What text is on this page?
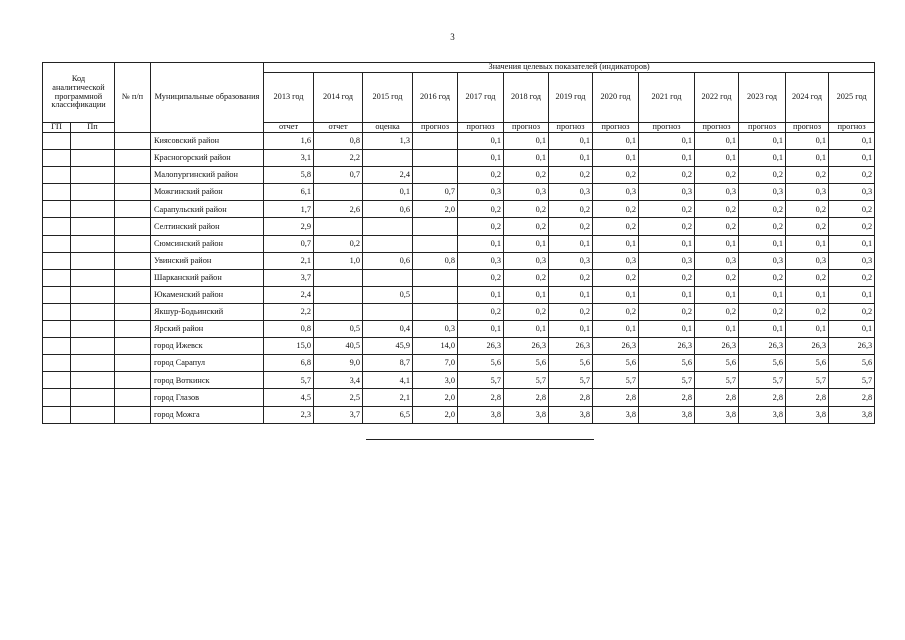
3
Код аналитической программной классификации		№ п/п	Муниципальные образования	Значения целевых показателей (индикаторов)												
				2013 год	2014 год	2015 год	2016 год	2017 год	2018 год	2019 год	2020 год	2021 год	2022 год	2023 год	2024 год	2025 год
ГП	Пп			отчет	отчет	оценка	прогноз	прогноз	прогноз	прогноз	прогноз	прогноз	прогноз	прогноз	прогноз	прогноз
			Киясовский район	1,6	0,8	1,3		0,1	0,1	0,1	0,1	0,1	0,1	0,1	0,1	0,1
			Красногорский район	3,1	2,2			0,1	0,1	0,1	0,1	0,1	0,1	0,1	0,1	0,1
			Малопургинский район	5,8	0,7	2,4		0,2	0,2	0,2	0,2	0,2	0,2	0,2	0,2	0,2
			Можгинский район	6,1		0,1	0,7	0,3	0,3	0,3	0,3	0,3	0,3	0,3	0,3	0,3
			Сарапульский район	1,7	2,6	0,6	2,0	0,2	0,2	0,2	0,2	0,2	0,2	0,2	0,2	0,2
			Селтинский район	2,9				0,2	0,2	0,2	0,2	0,2	0,2	0,2	0,2	0,2
			Сюмсинский район	0,7	0,2			0,1	0,1	0,1	0,1	0,1	0,1	0,1	0,1	0,1
			Увинский район	2,1	1,0	0,6	0,8	0,3	0,3	0,3	0,3	0,3	0,3	0,3	0,3	0,3
			Шарканский район	3,7				0,2	0,2	0,2	0,2	0,2	0,2	0,2	0,2	0,2
			Юкаменский район	2,4		0,5		0,1	0,1	0,1	0,1	0,1	0,1	0,1	0,1	0,1
			Якшур-Бодьинский	2,2				0,2	0,2	0,2	0,2	0,2	0,2	0,2	0,2	0,2
			Ярский район	0,8	0,5	0,4	0,3	0,1	0,1	0,1	0,1	0,1	0,1	0,1	0,1	0,1
			город Ижевск	15,0	40,5	45,9	14,0	26,3	26,3	26,3	26,3	26,3	26,3	26,3	26,3	26,3
			город Сарапул	6,8	9,0	8,7	7,0	5,6	5,6	5,6	5,6	5,6	5,6	5,6	5,6	5,6
			город Воткинск	5,7	3,4	4,1	3,0	5,7	5,7	5,7	5,7	5,7	5,7	5,7	5,7	5,7
			город Глазов	4,5	2,5	2,1	2,0	2,8	2,8	2,8	2,8	2,8	2,8	2,8	2,8	2,8
			город Можга	2,3	3,7	6,5	2,0	3,8	3,8	3,8	3,8	3,8	3,8	3,8	3,8	3,8
